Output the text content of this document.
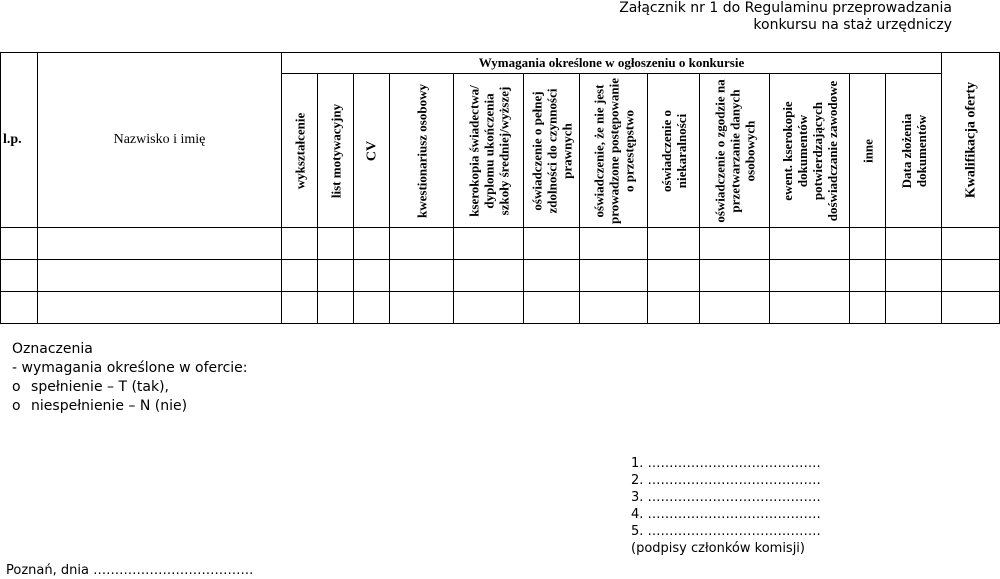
Załącznik nr 1 do Regulaminu przeprowadzania
konkursu na staż urzędniczy
l.p.	Nazwisko i imię	Wymagania określone w ogłoszeniu o konkursie												Kwalifikacja oferty

		wykształcenie	list motywacyjny	CV	kwestionariusz osobowy	kserokopia świadectwa/ dyplomu ukończenia szkoły średniej/wyższej	oświadczenie o pełnej zdolności do czynności prawnych	oświadczenie, że nie jest prowadzone postępowanie o przestępstwo	oświadczenie o niekaralności	oświadczenie o zgodzie na przetwarzanie danych osobowych	ewent. kserokopie dokumentów potwierdzających doświadczanie zawodowe	inne	Data złożenia dokumentów	

Oznaczenia
- wymagania określone w ofercie:
o spełnienie – T (tak),
o niespełnienie – N (nie)
1. ………………………………….
2. ………………………………….
3. ………………………………….
4. ………………………………….
5. ………………………………….
(podpisy członków komisji)
Poznań, dnia ……………………………….
